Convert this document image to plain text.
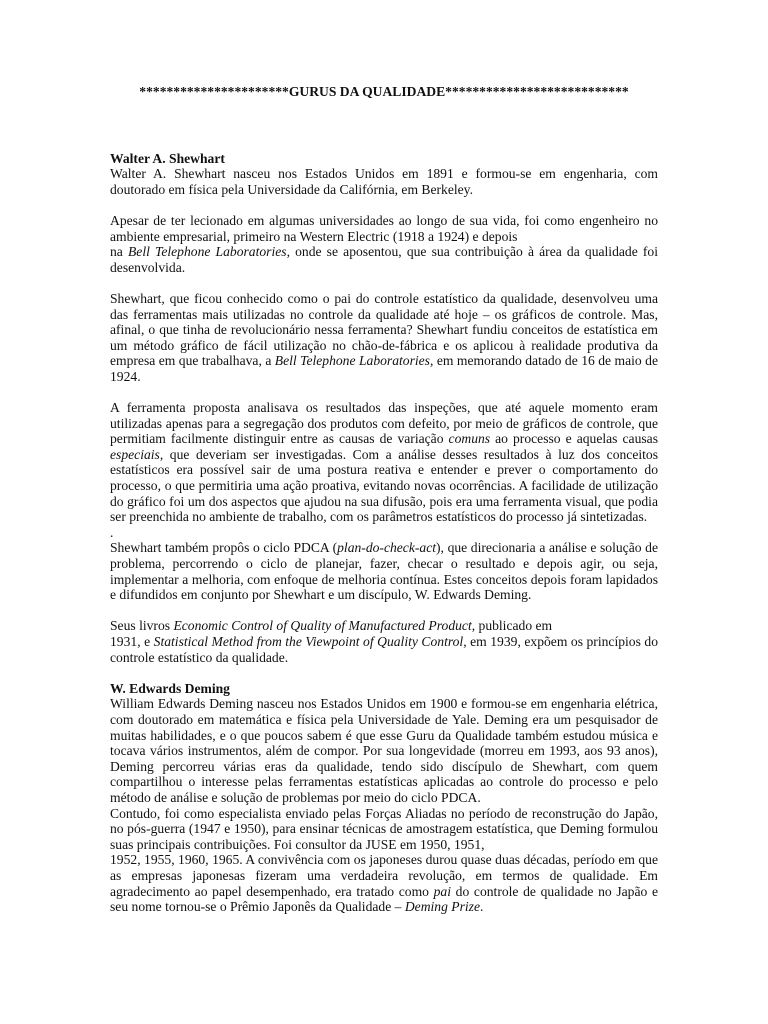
**********************GURUS DA QUALIDADE***************************

Walter A. Shewhart

Walter A. Shewhart nasceu nos Estados Unidos em 1891 e formou-se em engenharia, com doutorado em física pela Universidade da Califórnia, em Berkeley.

Apesar de ter lecionado em algumas universidades ao longo de sua vida, foi como engenheiro no ambiente empresarial, primeiro na Western Electric (1918 a 1924) e depois
na Bell Telephone Laboratories, onde se aposentou, que sua contribuição à área da qualidade foi desenvolvida.

Shewhart, que ficou conhecido como o pai do controle estatístico da qualidade, desenvolveu uma das ferramentas mais utilizadas no controle da qualidade até hoje – os gráficos de controle. Mas, afinal, o que tinha de revolucionário nessa ferramenta? Shewhart fundiu conceitos de estatística em um método gráfico de fácil utilização no chão-de-fábrica e os aplicou à realidade produtiva da empresa em que trabalhava, a Bell Telephone Laboratories, em memorando datado de 16 de maio de 1924.

A ferramenta proposta analisava os resultados das inspeções, que até aquele momento eram utilizadas apenas para a segregação dos produtos com defeito, por meio de gráficos de controle, que permitiam facilmente distinguir entre as causas de variação comuns ao processo e aquelas causas especiais, que deveriam ser investigadas. Com a análise desses resultados à luz dos conceitos estatísticos era possível sair de uma postura reativa e entender e prever o comportamento do processo, o que permitiria uma ação proativa, evitando novas ocorrências. A facilidade de utilização do gráfico foi um dos aspectos que ajudou na sua difusão, pois era uma ferramenta visual, que podia ser preenchida no ambiente de trabalho, com os parâmetros estatísticos do processo já sintetizadas.

.

Shewhart também propôs o ciclo PDCA (plan-do-check-act), que direcionaria a análise e solução de problema, percorrendo o ciclo de planejar, fazer, checar o resultado e depois agir, ou seja, implementar a melhoria, com enfoque de melhoria contínua. Estes conceitos depois foram lapidados e difundidos em conjunto por Shewhart e um discípulo, W. Edwards Deming.

Seus livros Economic Control of Quality of Manufactured Product, publicado em
1931, e Statistical Method from the Viewpoint of Quality Control, em 1939, expõem os princípios do controle estatístico da qualidade.

W. Edwards Deming

William Edwards Deming nasceu nos Estados Unidos em 1900 e formou-se em engenharia elétrica, com doutorado em matemática e física pela Universidade de Yale. Deming era um pesquisador de muitas habilidades, e o que poucos sabem é que esse Guru da Qualidade também estudou música e tocava vários instrumentos, além de compor. Por sua longevidade (morreu em 1993, aos 93 anos), Deming percorreu várias eras da qualidade, tendo sido discípulo de Shewhart, com quem compartilhou o interesse pelas ferramentas estatísticas aplicadas ao controle do processo e pelo método de análise e solução de problemas por meio do ciclo PDCA.

Contudo, foi como especialista enviado pelas Forças Aliadas no período de reconstrução do Japão, no pós-guerra (1947 e 1950), para ensinar técnicas de amostragem estatística, que Deming formulou suas principais contribuições. Foi consultor da JUSE em 1950, 1951,
1952, 1955, 1960, 1965. A convivência com os japoneses durou quase duas décadas, período em que as empresas japonesas fizeram uma verdadeira revolução, em termos de qualidade. Em agradecimento ao papel desempenhado, era tratado como pai do controle de qualidade no Japão e seu nome tornou-se o Prêmio Japonês da Qualidade – Deming Prize.
